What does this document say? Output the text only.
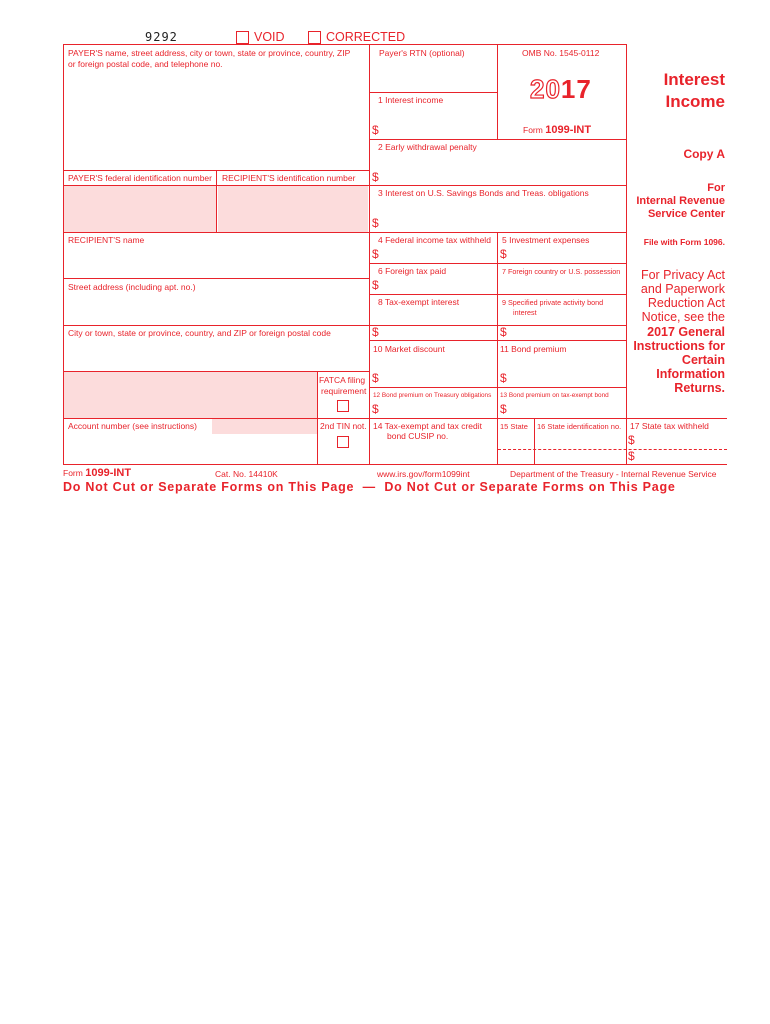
9292	VOID	CORRECTED
PAYER'S name, street address, city or town, state or province, country, ZIP
or foreign postal code, and telephone no.
Payer's RTN (optional)
PAYER'S federal identification number RECIPIENT'S identification number
RECIPIENT'S name
Street address (including apt. no.)
City or town, state or province, country, and ZIP or foreign postal code
OMB No. 1545-0112
2017
Form 1099-INT
Interest
Income
Copy A
For
Internal Revenue
Service Center
File with Form 1096.
For Privacy Act
and Paperwork
Reduction Act
Notice, see the
2017 General
Instructions for
Certain
Information
Returns.
1 Interest income
2 Early withdrawal penalty
3 Interest on U.S. Savings Bonds and Treas. obligations
4 Federal income tax withheld 5 Investment expenses
6 Foreign tax paid	7 Foreign country or U.S. possession
8 Tax-exempt interest	9 Specified private activity bond
interest
10 Market discount	11 Bond premium
12 Bond premium on Treasury obligations 13 Bond premium on tax-exempt bond
14 Tax-exempt and tax credit
bond CUSIP no.
15 State 16 State identification no. 17 State tax withheld
$
$
$
$	$
$
$	$
$	$
$	$
$
$
FATCA filing
requirement
Account number (see instructions)	2nd TIN not.
Form 1099-INT	Cat. No. 14410K	www.irs.gov/form1099int	Department of the Treasury - Internal Revenue Service
Do Not Cut or Separate Forms on This Page  —  Do Not Cut or Separate Forms on This Page
